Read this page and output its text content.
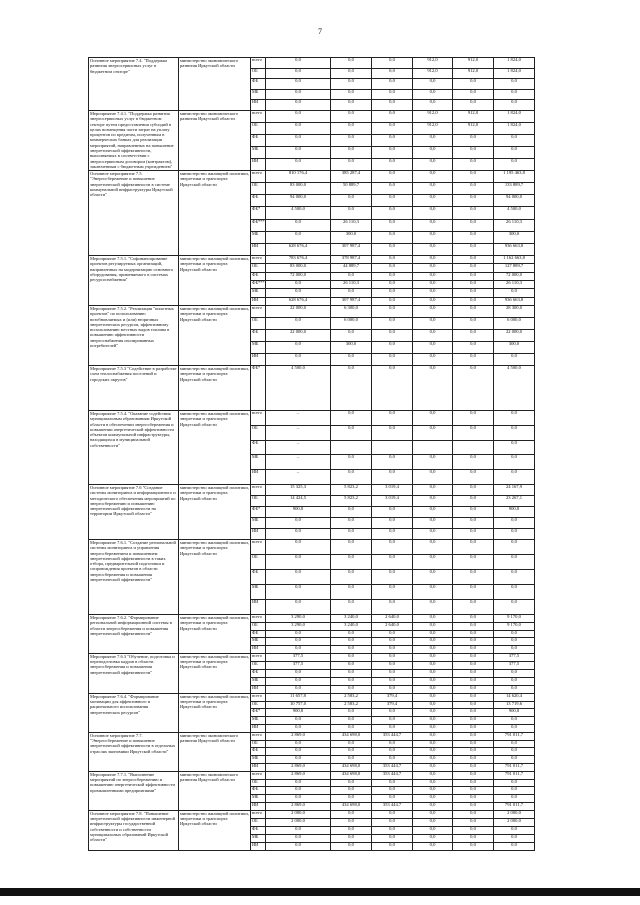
7
Основное мероприятие 7.4. "Поддержка развития энергосервисных услуг в бюджетном секторе"	министерство экономического развития Иркутской области	всего	0,0	0,0	0,0	912,0	912,0	1 824,0
		ОБ	0,0	0,0	0,0	912,0	912,0	1 824,0
		ФБ	0,0	0,0	0,0	0,0	0,0	0,0
		МБ	0,0	0,0	0,0	0,0	0,0	0,0
		ИИ	0,0	0,0	0,0	0,0	0,0	0,0
Мероприятие 7.4.1. "Поддержка развития энергосервисных услуг в бюджетном секторе путем предоставления субсидий в целях возмещения части затрат на уплату процентов по кредитам, полученным в коммерческих банках для реализации мероприятий, направленных на повышение энергетической эффективности, выполняемых в соответствии с энергосервисным договором (контрактом), заключенным с бюджетным учреждением"	министерство экономического развития Иркутской области	всего	0,0	0,0	0,0	912,0	912,0	1 824,0
		ОБ	0,0	0,0	0,0	912,0	912,0	1 824,0
		ФБ	0,0	0,0	0,0	0,0	0,0	0,0
		МБ	0,0	0,0	0,0	0,0	0,0	0,0
		ИИ	0,0	0,0	0,0	0,0	0,0	0,0
Основное мероприятие 7.5. "Энергосбережение и повышение энергетической эффективности в системе коммунальной инфраструктуры Иркутской области"	министерство жилищной политики, энергетики и транспорта Иркутской области	всего	810 176,4	385 287,4	0,0	0,0	0,0	1 195 463,8
		ОБ	83 000,0	50 889,7	0,0	0,0	0,0	133 889,7
		ФБ	94 000,0	0,0	0,0	0,0	0,0	94 000,0
		ФБ*	4 500,0	0,0	0,0	0,0	0,0	4 500,0
		ФБ***	0,0	26 110,3	0,0	0,0	0,0	26 110,3
		МБ	0,0	300,0	0,0	0,0	0,0	300,0
		ИИ	628 676,4	307 987,4	0,0	0,0	0,0	936 663,8
Мероприятие 7.5.1. "Софинансирование проектов регулируемых организаций, направленных на модернизацию основного оборудования, применяемого в системах ресурсоснабжения"	министерство жилищной политики, энергетики и транспорта Иркутской области	всего	783 676,4	378 987,4	0,0	0,0	0,0	1 162 663,8
		ОБ	83 000,0	44 889,7	0,0	0,0	0,0	127 889,7
		ФБ	72 000,0	0,0	0,0	0,0	0,0	72 000,0
		ФБ***	0,0	26 110,3	0,0	0,0	0,0	26 110,3
		МБ	0,0	0,0	0,0	0,0	0,0	0,0
		ИИ	628 676,4	307 987,4	0,0	0,0	0,0	936 663,8
Мероприятие 7.5.2. "Реализация "пилотных проектов" по использованию возобновляемых и (или) вторичных энергетических ресурсов, эффективному использованию местных видов топлива в повышению эффективности энергоснабжения изолированных потребителей"	министерство жилищной политики, энергетики и транспорта Иркутской области	всего	22 000,0	6 300,0	0,0	0,0	0,0	28 300,0
		ОБ	0,0	6 000,0	0,0	0,0	0,0	6 000,0
		ФБ	22 000,0	0,0	0,0	0,0	0,0	22 000,0
		МБ	0,0	300,0	0,0	0,0	0,0	300,0
		ИИ	0,0	0,0	0,0	0,0	0,0	0,0
Мероприятие 7.5.3 "Содействие в разработке схем теплоснабжения поселений и городских округов"	министерство жилищной политики, энергетики и транспорта Иркутской области	ФБ*	4 500,0	0,0	0,0	0,0	0,0	4 500,0
Мероприятие 7.5.4. "Оказание содействия муниципальным образованиям Иркутской области в обеспечении энергосбережения и повышении энергетической эффективности объектов коммунальной инфраструктуры, находящихся в муниципальной собственности"	министерство жилищной политики, энергетики и транспорта Иркутской области	всего	–	0,0	0,0	0,0	0,0	0,0
		ОБ	–	0,0	0,0	0,0	0,0	0,0
		ФБ	–					0,0
		МБ	–	0,0	0,0	0,0	0,0	0,0
		ИИ	–	0,0	0,0	0,0	0,0	0,0
Основное мероприятие 7.6 "Создание системы мониторинга и информационного и методического обеспечения мероприятий по энергосбережению и повышению энергетической эффективности на территории Иркутской области"	министерство жилищной политики, энергетики и транспорта Иркутской области	всего	15 325,3	5 823,2	3 019,4	0,0	0,0	24 167,9
		ОБ	14 424,5	5 823,2	3 019,4	0,0	0,0	23 267,1
		ФБ*	900,8	0,0	0,0	0,0	0,0	900,8
		МБ	0,0	0,0	0,0	0,0	0,0	0,0
		ИИ	0,0	0,0	0,0	0,0	0,0	0,0
Мероприятие 7.6.1. "Создание региональной системы мониторинга и управления энергосбережением и повышением энергетической эффективности в таких отбора, предварительной подготовки и сопровождения проектов в области энергосбережения и повышения энергетической эффективности"	министерство жилищной политики, энергетики и транспорта Иркутской области	всего	0,0	0,0	0,0	0,0	0,0	0,0
		ОБ	0,0	0,0	0,0	0,0	0,0	0,0
		ФБ	0,0	0,0	0,0	0,0	0,0	0,0
		МБ	0,0	0,0	0,0	0,0	0,0	0,0
		ИИ	0,0	0,0	0,0	0,0	0,0	0,0
Мероприятие 7.6.2. "Формирование региональной информационной системы в области энергосбережения и повышения энергетической эффективности"	министерство жилищной политики, энергетики и транспорта Иркутской области	всего	3 290,0	3 240,0	2 640,0	0,0	0,0	9 170,0
		ОБ	3 290,0	3 240,0	2 640,0	0,0	0,0	9 170,0
		ФБ	0,0	0,0	0,0	0,0	0,0	0,0
		МБ	0,0	0,0	0,0	0,0	0,0	0,0
		ИИ	0,0	0,0	0,0	0,0	0,0	0,0
Мероприятие 7.6.3 "Обучение, подготовка и переподготовка кадров в области энергосбережения и повышения энергетической эффективности"	министерство жилищной политики, энергетики и транспорта Иркутской области	всего	377,5	0,0	0,0	0,0	0,0	377,5
		ОБ	377,5	0,0	0,0	0,0	0,0	377,5
		ФБ	0,0	0,0	0,0	0,0	0,0	0,0
		МБ	0,0	0,0	0,0	0,0	0,0	0,0
		ИИ	0,0	0,0	0,0	0,0	0,0	0,0
Мероприятие 7.6.4. "Формирование мотивации для эффективного и рационального использования энергетических ресурсов"	министерство жилищной политики, энергетики и транспорта Иркутской области	всего	11 657,8	2 583,2	379,4	0,0	0,0	14 620,4
		ОБ	10 757,0	2 583,2	379,4	0,0	0,0	13 719,6
		ФБ*	900,8	0,0	0,0	0,0	0,0	900,8
		МБ	0,0	0,0	0,0	0,0	0,0	0,0
		ИИ	0,0	0,0	0,0	0,0	0,0	0,0
Основное мероприятие 7.7. "Энергосбережение и повышение энергетической эффективности в отдельных отраслях экономики Иркутской области"	министерство экономического развития Иркутской области	всего	2 869,0	434 698,0	353 444,7	0,0	0,0	791 011,7
		ОБ	0,0	0,0	0,0	0,0	0,0	0,0
		ФБ	0,0	0,0	0,0	0,0	0,0	0,0
		МБ	0,0	0,0	0,0	0,0	0,0	0,0
		ИИ	2 869,0	434 698,0	353 444,7	0,0	0,0	791 011,7
Мероприятие 7.7.1. "Выполнение мероприятий по энергосбережению и повышению энергетической эффективности промышленными предприятиями"	министерство экономического развития Иркутской области	всего	2 869,0	434 698,0	353 444,7	0,0	0,0	791 011,7
		ОБ	0,0	0,0	0,0	0,0	0,0	0,0
		ФБ	0,0	0,0	0,0	0,0	0,0	0,0
		МБ	0,0	0,0	0,0	0,0	0,0	0,0
		ИИ	2 869,0	434 698,0	353 444,7	0,0	0,0	791 011,7
Основное мероприятие 7.8. "Повышение энергетической эффективности инженерной инфраструктуры государственной собственности и собственности муниципальных образований Иркутской области"	министерство жилищной политики, энергетики и транспорта Иркутской области	всего	2 000,0	0,0	0,0	0,0	0,0	2 000,0
		ОБ	2 000,0	0,0	0,0	0,0	0,0	2 000,0
		ФБ	0,0	0,0	0,0	0,0	0,0	0,0
		МБ	0,0	0,0	0,0	0,0	0,0	0,0
		ИИ	0,0	0,0	0,0	0,0	0,0	0,0
